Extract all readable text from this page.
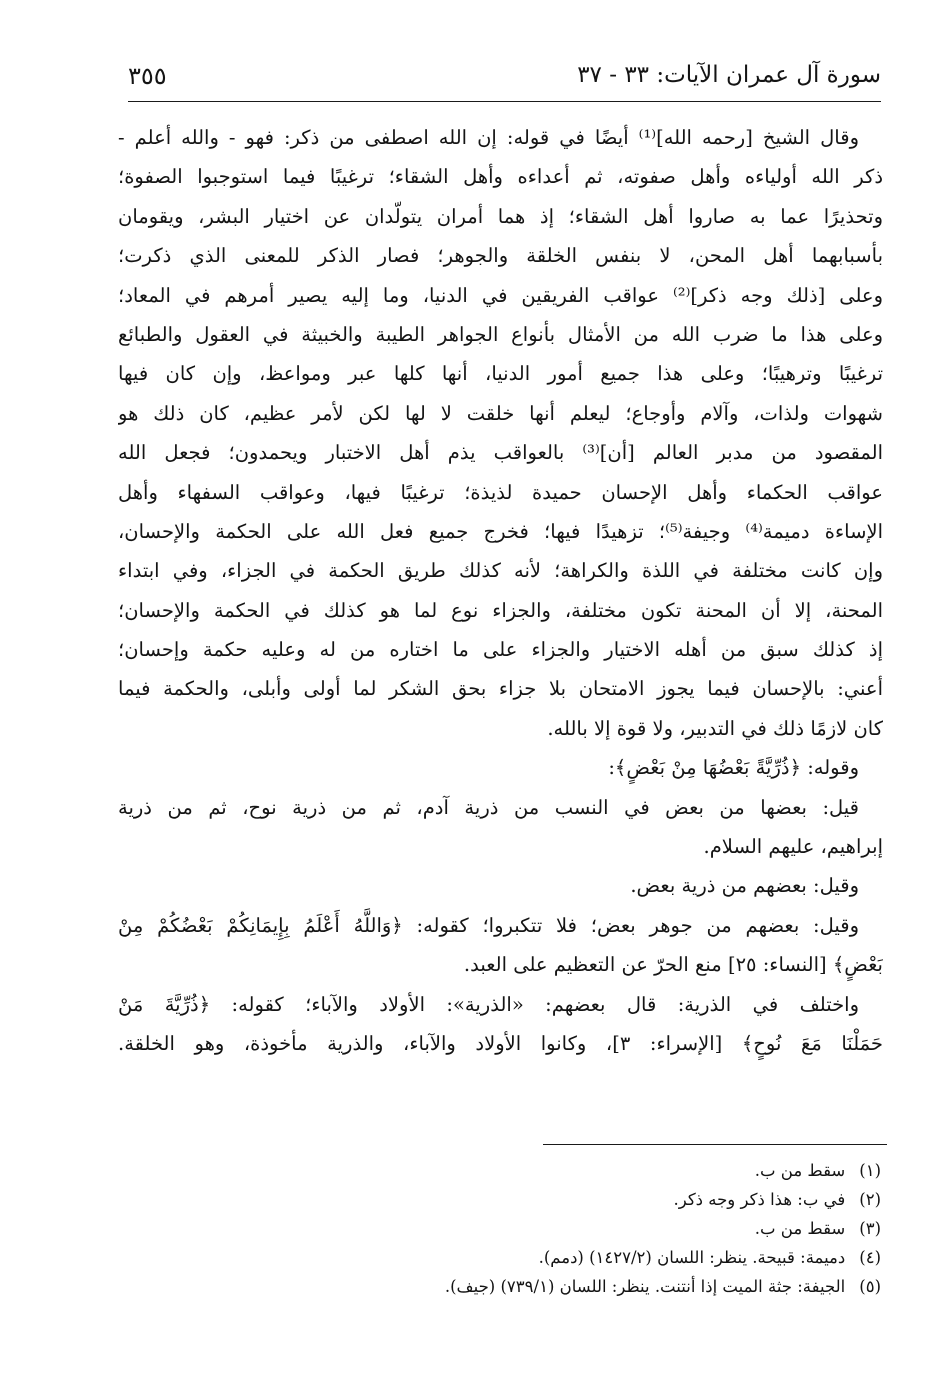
سورة آل عمران الآيات: ٣٣ - ٣٧
٣٥٥
وقال الشيخ [رحمه الله]⁽¹⁾ أيضًا في قوله: إن الله اصطفى من ذكر: فهو - والله أعلم -
ذكر الله أولياءه وأهل صفوته، ثم أعداءه وأهل الشقاء؛ ترغيبًا فيما استوجبوا الصفوة؛
وتحذيرًا عما به صاروا أهل الشقاء؛ إذ هما أمران يتولّدان عن اختيار البشر، ويقومان
بأسبابهما أهل المحن، لا بنفس الخلقة والجوهر؛ فصار الذكر للمعنى الذي ذكرت؛
وعلى [ذلك وجه ذكر]⁽²⁾ عواقب الفريقين في الدنيا، وما إليه يصير أمرهم في المعاد؛
وعلى هذا ما ضرب الله من الأمثال بأنواع الجواهر الطيبة والخبيثة في العقول والطبائع
ترغيبًا وترهيبًا؛ وعلى هذا جميع أمور الدنيا، أنها كلها عبر ومواعظ، وإن كان فيها
شهوات ولذات، وآلام وأوجاع؛ ليعلم أنها خلقت لا لها لكن لأمر عظيم، كان ذلك هو
المقصود من مدبر العالم [أن]⁽³⁾ بالعواقب يذم أهل الاختبار ويحمدون؛ فجعل الله
عواقب الحكماء وأهل الإحسان حميدة لذيذة؛ ترغيبًا فيها، وعواقب السفهاء وأهل
الإساءة دميمة⁽⁴⁾ وجيفة⁽⁵⁾؛ تزهيدًا فيها؛ فخرج جميع فعل الله على الحكمة والإحسان،
وإن كانت مختلفة في اللذة والكراهة؛ لأنه كذلك طريق الحكمة في الجزاء، وفي ابتداء
المحنة، إلا أن المحنة تكون مختلفة، والجزاء نوع لما هو كذلك في الحكمة والإحسان؛
إذ كذلك سبق من أهله الاختيار والجزاء على ما اختاره من له وعليه حكمة وإحسان؛
أعني: بالإحسان فيما يجوز الامتحان بلا جزاء بحق الشكر لما أولى وأبلى، والحكمة فيما
كان لازمًا ذلك في التدبير، ولا قوة إلا بالله.
وقوله: ﴿ذُرِّيَّةً بَعْضُهَا مِنْ بَعْضٍ﴾:
قيل: بعضها من بعض في النسب من ذرية آدم، ثم من ذرية نوح، ثم من ذرية
إبراهيم، عليهم السلام.
وقيل: بعضهم من ذرية بعض.
وقيل: بعضهم من جوهر بعض؛ فلا تتكبروا؛ كقوله: ﴿وَاللَّهُ أَعْلَمُ بِإِيمَانِكُمْ بَعْضُكُمْ مِنْ
بَعْضٍ﴾ [النساء: ٢٥] منع الحرّ عن التعظيم على العبد.
واختلف في الذرية: قال بعضهم: «الذرية»: الأولاد والآباء؛ كقوله: ﴿ذُرِّيَّةَ مَنْ
حَمَلْنَا مَعَ نُوحٍ﴾ [الإسراء: ٣]، وكانوا الأولاد والآباء، والذرية مأخوذة، وهو الخلقة.
(١)سقط من ب.
(٢)في ب: هذا ذكر وجه ذكر.
(٣)سقط من ب.
(٤)دميمة: قبيحة. ينظر: اللسان (١٤٢٧/٢) (دمم).
(٥)الجيفة: جثة الميت إذا أنتنت. ينظر: اللسان (٧٣٩/١) (جيف).
